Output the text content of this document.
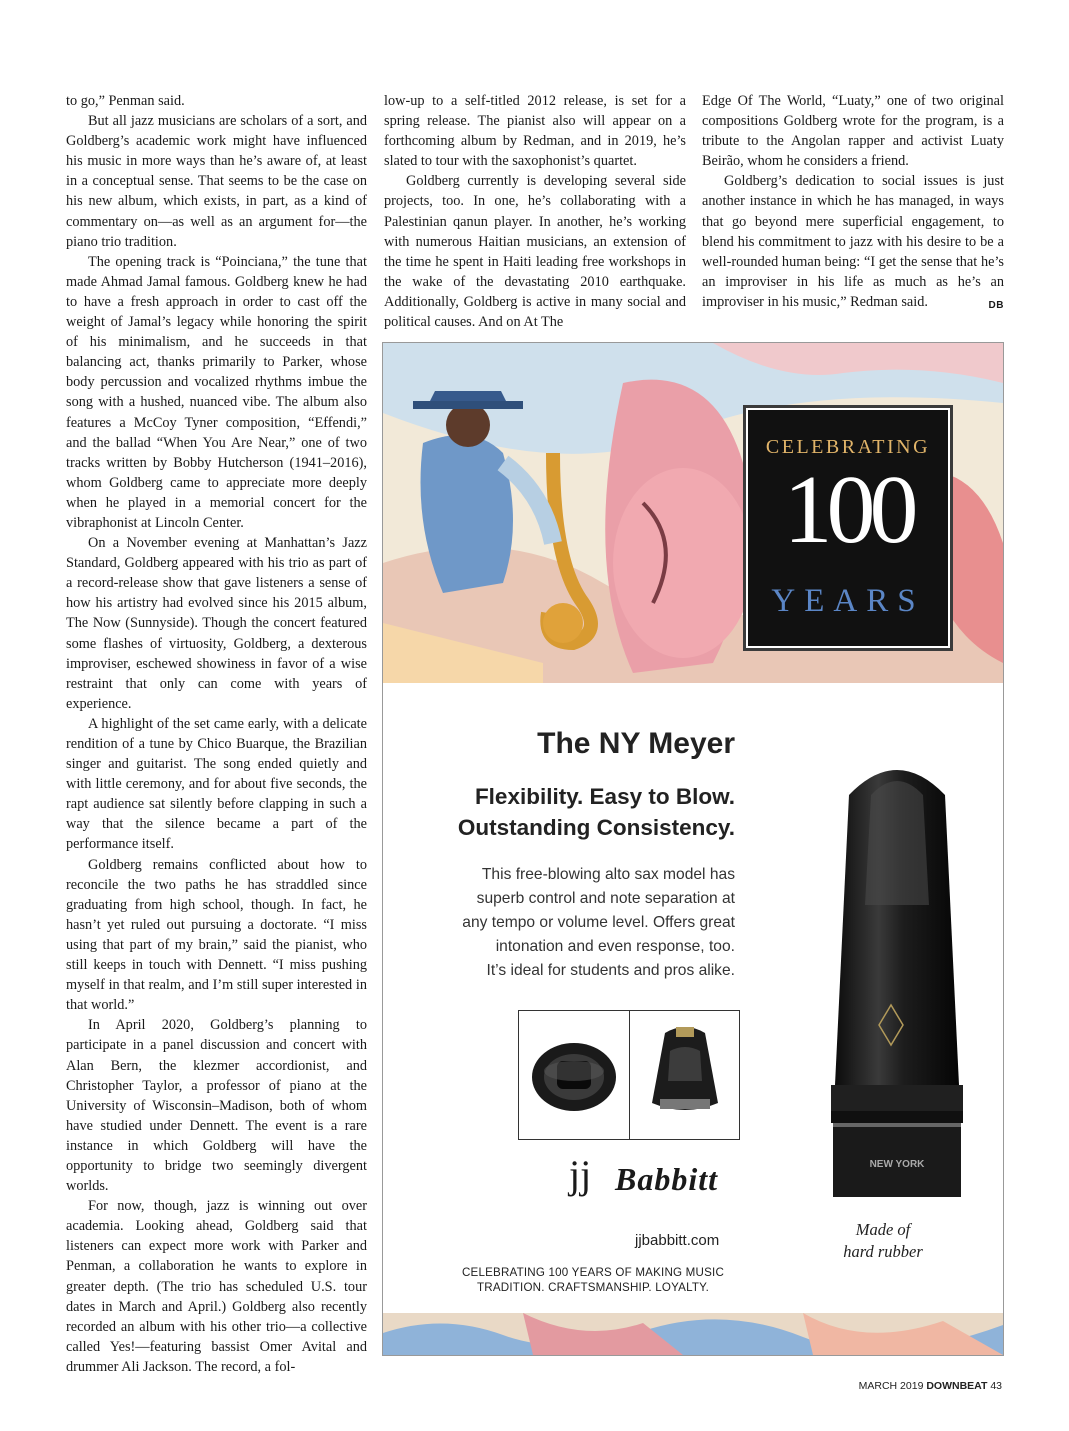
to go,” Penman said.

But all jazz musicians are scholars of a sort, and Goldberg’s academic work might have influenced his music in more ways than he’s aware of, at least in a conceptual sense. That seems to be the case on his new album, which exists, in part, as a kind of commentary on—as well as an argument for—the piano trio tradition.

The opening track is “Poinciana,” the tune that made Ahmad Jamal famous. Goldberg knew he had to have a fresh approach in order to cast off the weight of Jamal’s legacy while honoring the spirit of his minimalism, and he succeeds in that balancing act, thanks primarily to Parker, whose body percussion and vocalized rhythms imbue the song with a hushed, nuanced vibe. The album also features a McCoy Tyner composition, “Effendi,” and the ballad “When You Are Near,” one of two tracks written by Bobby Hutcherson (1941–2016), whom Goldberg came to appreciate more deeply when he played in a memorial concert for the vibraphonist at Lincoln Center.

On a November evening at Manhattan’s Jazz Standard, Goldberg appeared with his trio as part of a record-release show that gave listeners a sense of how his artistry had evolved since his 2015 album, The Now (Sunnyside). Though the concert featured some flashes of virtuosity, Goldberg, a dexterous improviser, eschewed showiness in favor of a wise restraint that only can come with years of experience.

A highlight of the set came early, with a delicate rendition of a tune by Chico Buarque, the Brazilian singer and guitarist. The song ended quietly and with little ceremony, and for about five seconds, the rapt audience sat silently before clapping in such a way that the silence became a part of the performance itself.

Goldberg remains conflicted about how to reconcile the two paths he has straddled since graduating from high school, though. In fact, he hasn’t yet ruled out pursuing a doctorate. “I miss using that part of my brain,” said the pianist, who still keeps in touch with Dennett. “I miss pushing myself in that realm, and I’m still super interested in that world.”

In April 2020, Goldberg’s planning to participate in a panel discussion and concert with Alan Bern, the klezmer accordionist, and Christopher Taylor, a professor of piano at the University of Wisconsin–Madison, both of whom have studied under Dennett. The event is a rare instance in which Goldberg will have the opportunity to bridge two seemingly divergent worlds.

For now, though, jazz is winning out over academia. Looking ahead, Goldberg said that listeners can expect more work with Parker and Penman, a collaboration he wants to explore in greater depth. (The trio has scheduled U.S. tour dates in March and April.) Goldberg also recently recorded an album with his other trio—a collective called Yes!—featuring bassist Omer Avital and drummer Ali Jackson. The record, a fol-

low-up to a self-titled 2012 release, is set for a spring release. The pianist also will appear on a forthcoming album by Redman, and in 2019, he’s slated to tour with the saxophonist’s quartet.

Goldberg currently is developing several side projects, too. In one, he’s collaborating with a Palestinian qanun player. In another, he’s working with numerous Haitian musicians, an extension of the time he spent in Haiti leading free workshops in the wake of the devastating 2010 earthquake. Additionally, Goldberg is active in many social and political causes. And on At The

Edge Of The World, “Luaty,” one of two original compositions Goldberg wrote for the program, is a tribute to the Angolan rapper and activist Luaty Beirão, whom he considers a friend.

Goldberg’s dedication to social issues is just another instance in which he has managed, in ways that go beyond mere superficial engagement, to blend his commitment to jazz with his desire to be a well-rounded human being: “I get the sense that he’s an improviser in his life as much as he’s an improviser in his music,” Redman said.	DB

CELEBRATING
100
YEARS
The NY Meyer
Flexibility. Easy to Blow.
Outstanding Consistency.
This free-blowing alto sax model has
superb control and note separation at
any tempo or volume level. Offers great
intonation and even response, too.
It’s ideal for students and pros alike.
jj Babbitt
jjbabbitt.com
CELEBRATING 100 YEARS OF MAKING MUSIC
TRADITION. CRAFTSMANSHIP. LOYALTY.
NEW YORK
Made of
hard rubber
MARCH 2019 DOWNBEAT 43
